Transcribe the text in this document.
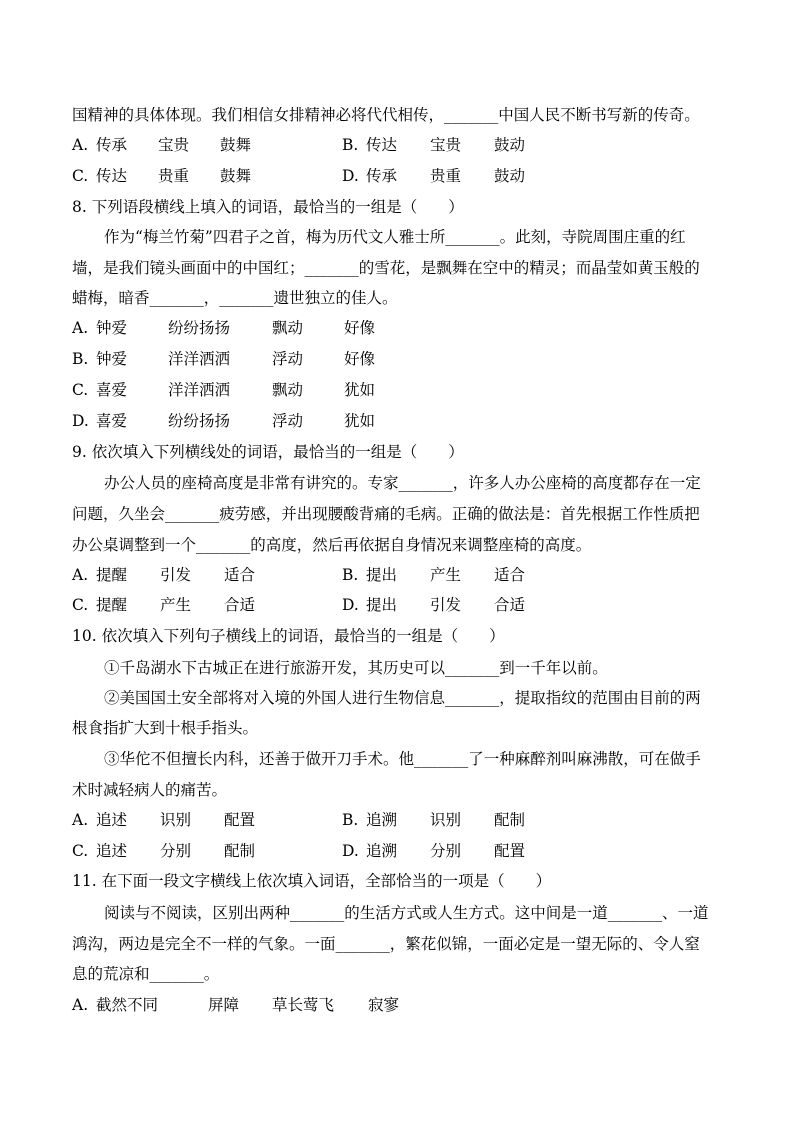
国精神的具体体现。我们相信女排精神必将代代相传，_______中国人民不断书写新的传奇。
A. 传承 宝贵 鼓舞	B. 传达 宝贵 鼓动
C. 传达 贵重 鼓舞	D. 传承 贵重 鼓动
8. 下列语段横线上填入的词语，最恰当的一组是（　　）
作为“梅兰竹菊”四君子之首，梅为历代文人雅士所_______。此刻，寺院周围庄重的红
墙，是我们镜头画面中的中国红；_______的雪花，是飘舞在空中的精灵；而晶莹如黄玉般的
蜡梅，暗香_______，_______遗世独立的佳人。
A. 钟爱	纷纷扬扬	飘动	好像
B. 钟爱	洋洋洒洒	浮动	好像
C. 喜爱	洋洋洒洒	飘动	犹如
D. 喜爱	纷纷扬扬	浮动	犹如
9. 依次填入下列横线处的词语，最恰当的一组是（　　）
办公人员的座椅高度是非常有讲究的。专家_______，许多人办公座椅的高度都存在一定
问题，久坐会_______疲劳感，并出现腰酸背痛的毛病。正确的做法是：首先根据工作性质把
办公桌调整到一个_______的高度，然后再依据自身情况来调整座椅的高度。
A. 提醒 引发 适合	B. 提出 产生 适合
C. 提醒 产生 合适	D. 提出 引发 合适
10. 依次填入下列句子横线上的词语，最恰当的一组是（　　）
①千岛湖水下古城正在进行旅游开发，其历史可以_______到一千年以前。
②美国国土安全部将对入境的外国人进行生物信息_______，提取指纹的范围由目前的两
根食指扩大到十根手指头。
③华佗不但擅长内科，还善于做开刀手术。他_______了一种麻醉剂叫麻沸散，可在做手
术时减轻病人的痛苦。
A. 追述 识别 配置	B. 追溯 识别 配制
C. 追述 分别 配制	D. 追溯 分别 配置
11. 在下面一段文字横线上依次填入词语，全部恰当的一项是（　　）
阅读与不阅读，区别出两种_______的生活方式或人生方式。这中间是一道_______、一道
鸿沟，两边是完全不一样的气象。一面_______，繁花似锦，一面必定是一望无际的、令人窒
息的荒凉和_______。
A. 截然不同	屏障 草长莺飞 寂寥
